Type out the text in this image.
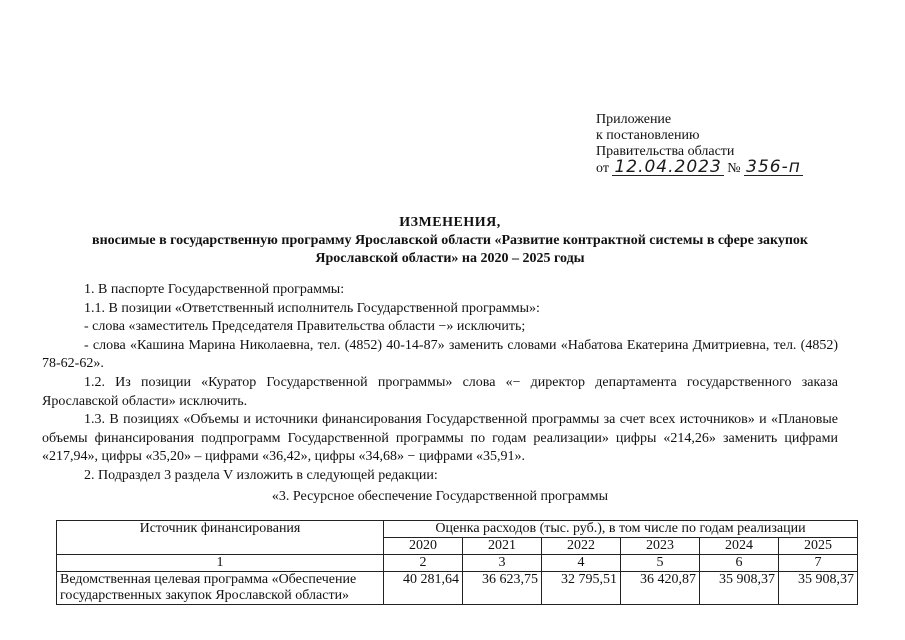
Приложение
к постановлению
Правительства области
от 12.04.2023 № 356-п
ИЗМЕНЕНИЯ,
вносимые в государственную программу Ярославской области «Развитие контрактной системы в сфере закупок
Ярославской области» на 2020 – 2025 годы

1. В паспорте Государственной программы:

1.1. В позиции «Ответственный исполнитель Государственной программы»:

- слова «заместитель Председателя Правительства области −» исключить;

- слова «Кашина Марина Николаевна, тел. (4852) 40-14-87» заменить словами «Набатова Екатерина Дмитриевна, тел. (4852) 78-62-62».

1.2. Из позиции «Куратор Государственной программы» слова «− директор департамента государственного заказа Ярославской области» исключить.

1.3. В позициях «Объемы и источники финансирования Государственной программы за счет всех источников» и «Плановые объемы финансирования подпрограмм Государственной программы по годам реализации» цифры «214,26» заменить цифрами «217,94», цифры «35,20» – цифрами «36,42», цифры «34,68» − цифрами «35,91».

2. Подраздел 3 раздела V изложить в следующей редакции:

«3. Ресурсное обеспечение Государственной программы
Источник финансирования	Оценка расходов (тыс. руб.), в том числе по годам реализации					
	2020	2021	2022	2023	2024	2025
1	2	3	4	5	6	7
Ведомственная целевая программа «Обеспечение государственных закупок Ярославской области»	40 281,64	36 623,75	32 795,51	36 420,87	35 908,37	35 908,37
